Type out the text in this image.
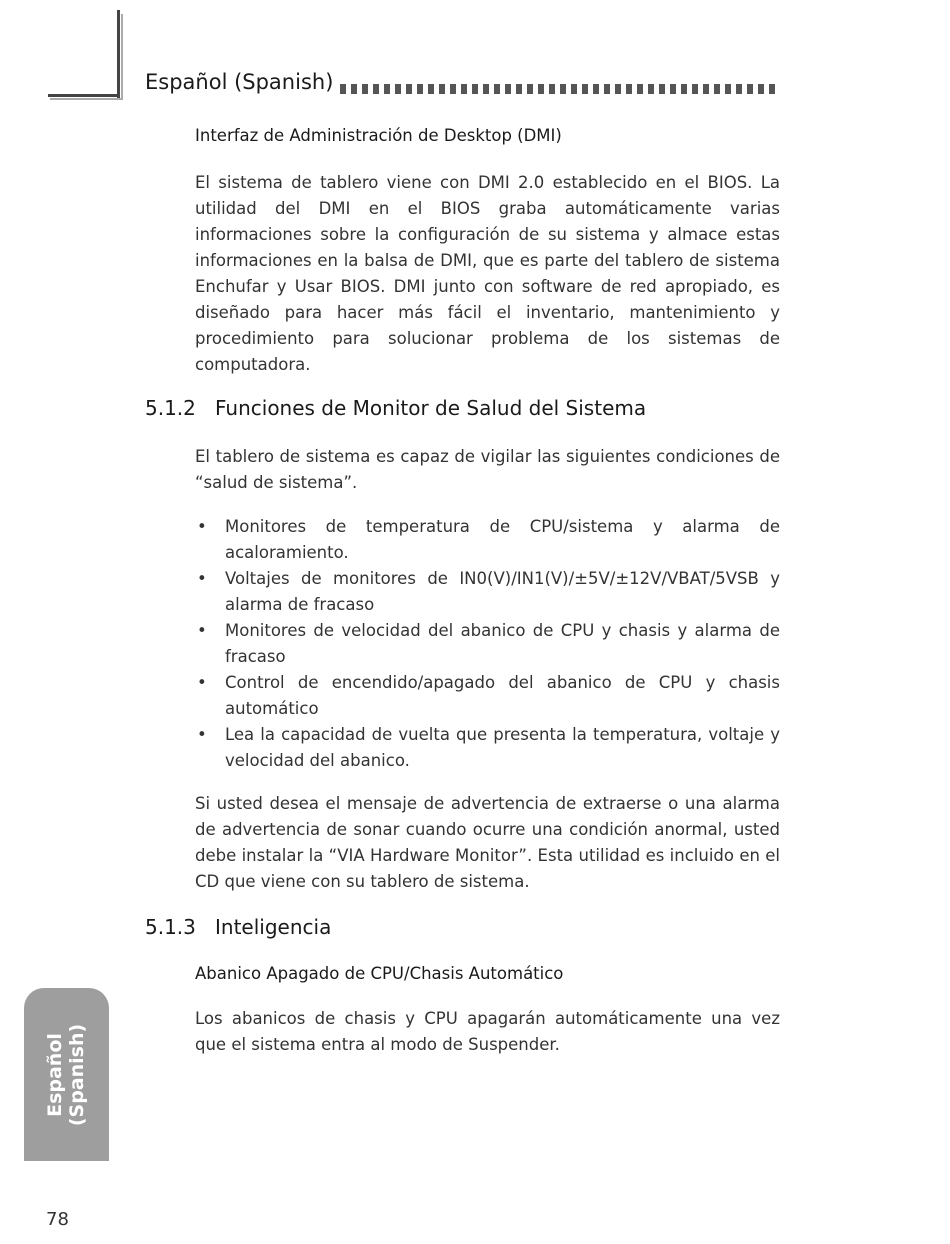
Español (Spanish)
Interfaz de Administración de Desktop (DMI)
El sistema de tablero viene con DMI 2.0 establecido en el BIOS. La utilidad del DMI en el BIOS graba automáticamente varias informaciones sobre la configuración de su sistema y almace estas informaciones en la balsa de DMI, que es parte del tablero de sistema Enchufar y Usar BIOS. DMI junto con software de red apropiado, es diseñado para hacer más fácil el inventario, mantenimiento y procedimiento para solucionar problema de los sistemas de computadora.
5.1.2 Funciones de Monitor de Salud del Sistema
El tablero de sistema es capaz de vigilar las siguientes condiciones de “salud de sistema”.
• Monitores de temperatura de CPU/sistema y alarma de acaloramiento.
• Voltajes de monitores de IN0(V)/IN1(V)/±5V/±12V/VBAT/5VSB y alarma de fracaso
• Monitores de velocidad del abanico de CPU y chasis y alarma de fracaso
• Control de encendido/apagado del abanico de CPU y chasis automático
• Lea la capacidad de vuelta que presenta la temperatura, voltaje y velocidad del abanico.
Si usted desea el mensaje de advertencia de extraerse o una alarma de advertencia de sonar cuando ocurre una condición anormal, usted debe instalar la “VIA Hardware Monitor”. Esta utilidad es incluido en el CD que viene con su tablero de sistema.
5.1.3 Inteligencia
Abanico Apagado de CPU/Chasis Automático
Los abanicos de chasis y CPU apagarán automáticamente una vez que el sistema entra al modo de Suspender.
Español
(Spanish)
78
